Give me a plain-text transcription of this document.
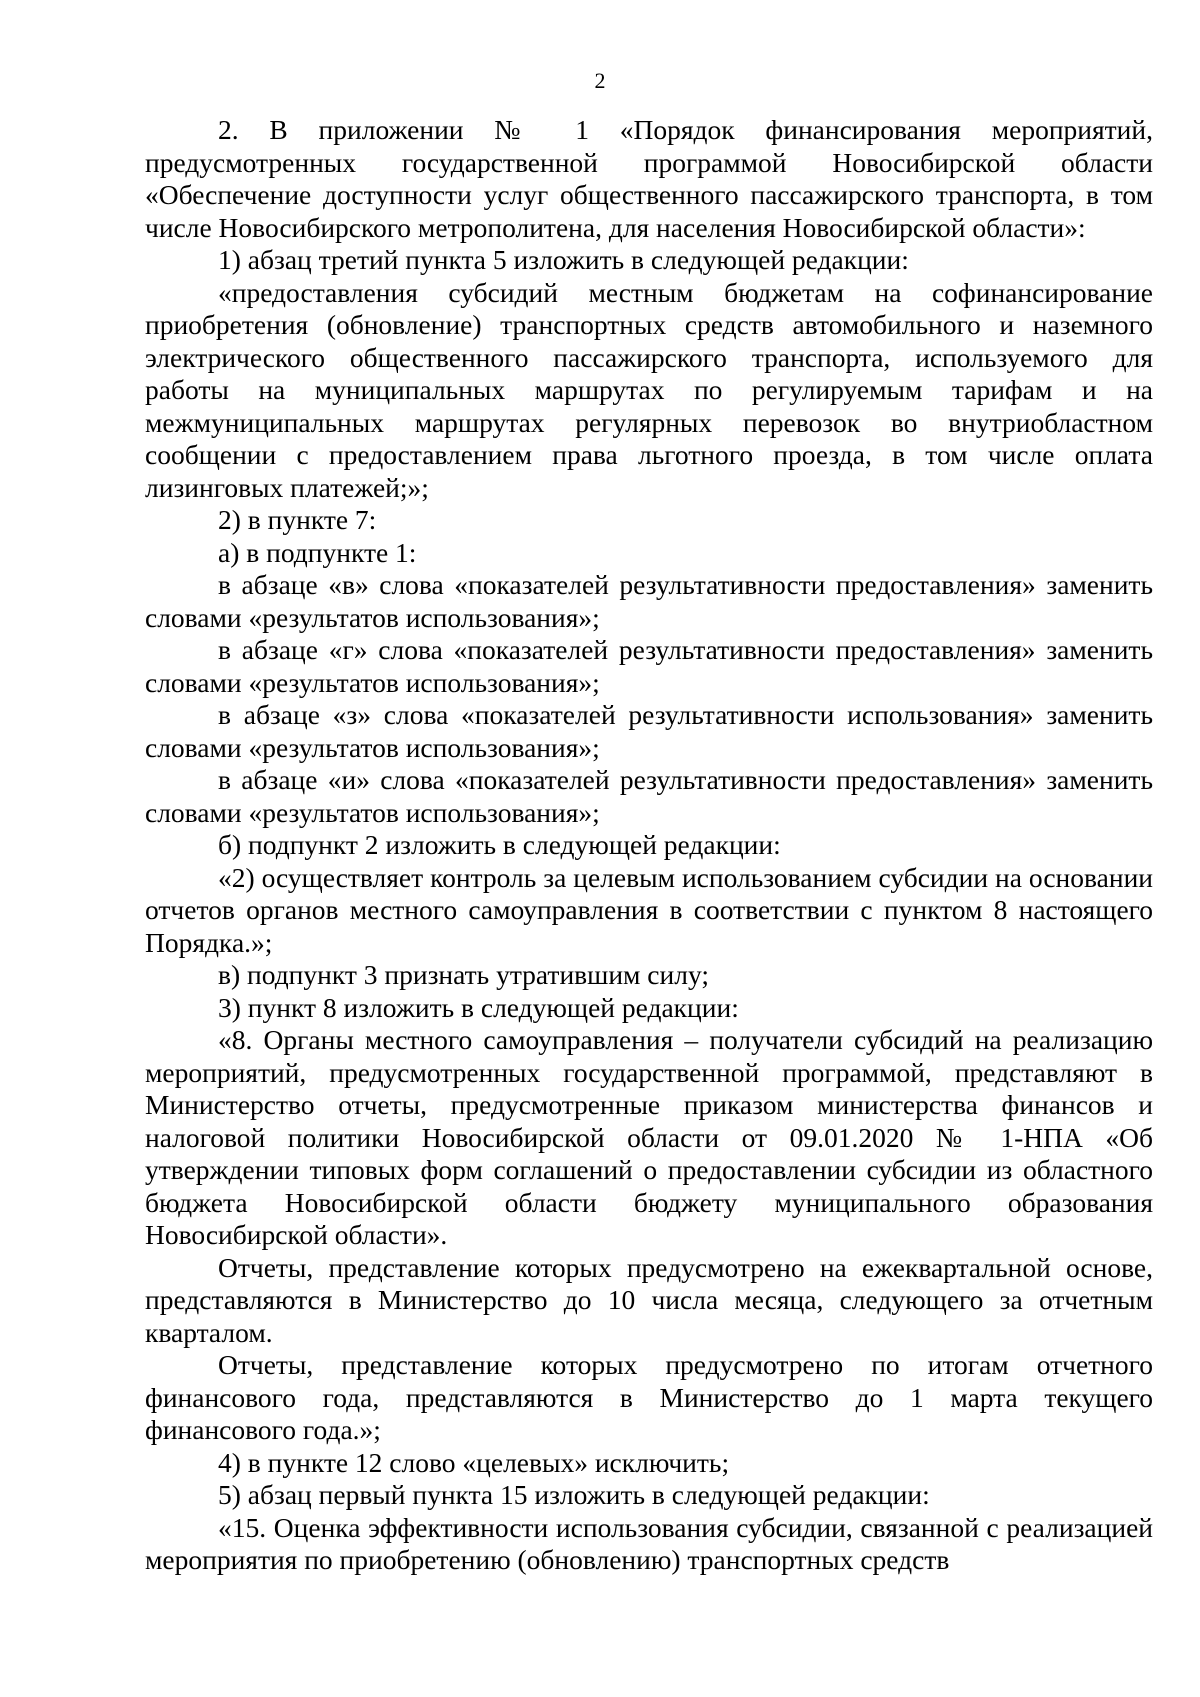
2

2. В приложении № 1 «Порядок финансирования мероприятий, предусмотренных государственной программой Новосибирской области «Обеспечение доступности услуг общественного пассажирского транспорта, в том числе Новосибирского метрополитена, для населения Новосибирской области»:

1) абзац третий пункта 5 изложить в следующей редакции:

«предоставления субсидий местным бюджетам на софинансирование приобретения (обновление) транспортных средств автомобильного и наземного электрического общественного пассажирского транспорта, используемого для работы на муниципальных маршрутах по регулируемым тарифам и на межмуниципальных маршрутах регулярных перевозок во внутриобластном сообщении с предоставлением права льготного проезда, в том числе оплата лизинговых платежей;»;

2) в пункте 7:

а) в подпункте 1:

в абзаце «в» слова «показателей результативности предоставления» заменить словами «результатов использования»;

в абзаце «г» слова «показателей результативности предоставления» заменить словами «результатов использования»;

в абзаце «з» слова «показателей результативности использования» заменить словами «результатов использования»;

в абзаце «и» слова «показателей результативности предоставления» заменить словами «результатов использования»;

б) подпункт 2 изложить в следующей редакции:

«2) осуществляет контроль за целевым использованием субсидии на основании отчетов органов местного самоуправления в соответствии с пунктом 8 настоящего Порядка.»;

в) подпункт 3 признать утратившим силу;

3) пункт 8 изложить в следующей редакции:

«8. Органы местного самоуправления – получатели субсидий на реализацию мероприятий, предусмотренных государственной программой, представляют в Министерство отчеты, предусмотренные приказом министерства финансов и налоговой политики Новосибирской области от 09.01.2020 № 1-НПА «Об утверждении типовых форм соглашений о предоставлении субсидии из областного бюджета Новосибирской области бюджету муниципального образования Новосибирской области».

Отчеты, представление которых предусмотрено на ежеквартальной основе, представляются в Министерство до 10 числа месяца, следующего за отчетным кварталом.

Отчеты, представление которых предусмотрено по итогам отчетного финансового года, представляются в Министерство до 1 марта текущего финансового года.»;

4) в пункте 12 слово «целевых» исключить;

5) абзац первый пункта 15 изложить в следующей редакции:

«15. Оценка эффективности использования субсидии, связанной с реализацией мероприятия по приобретению (обновлению) транспортных средств
